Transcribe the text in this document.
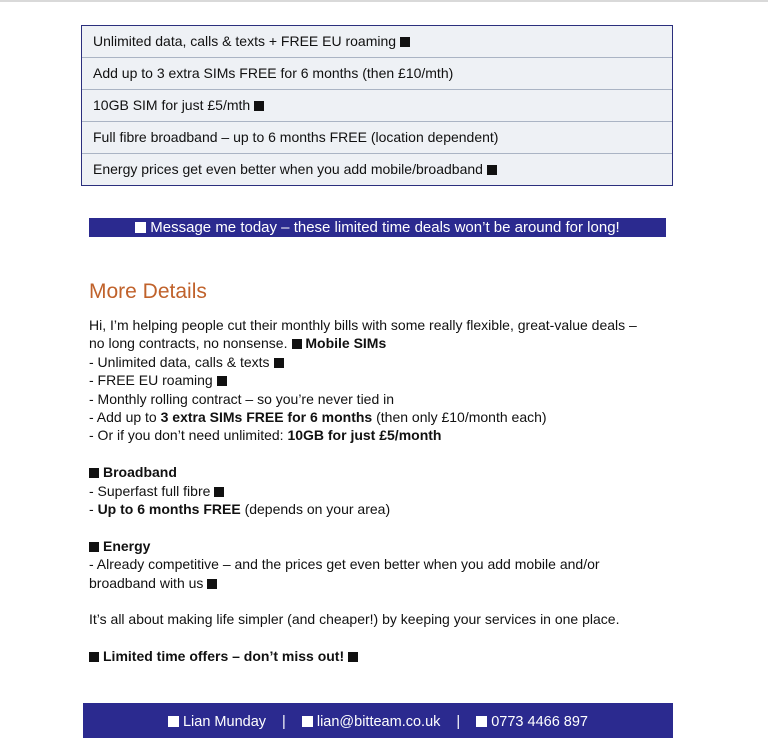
Unlimited data, calls & texts + FREE EU roaming
Add up to 3 extra SIMs FREE for 6 months (then £10/mth)
10GB SIM for just £5/mth
Full fibre broadband – up to 6 months FREE (location dependent)
Energy prices get even better when you add mobile/broadband
Message me today – these limited time deals won’t be around for long!
More Details
Hi, I’m helping people cut their monthly bills with some really flexible, great-value deals –
no long contracts, no nonsense. Mobile SIMs
- Unlimited data, calls & texts
- FREE EU roaming
- Monthly rolling contract – so you’re never tied in
- Add up to 3 extra SIMs FREE for 6 months (then only £10/month each)
- Or if you don’t need unlimited: 10GB for just £5/month
Broadband
- Superfast full fibre
- Up to 6 months FREE (depends on your area)
Energy
- Already competitive – and the prices get even better when you add mobile and/or
broadband with us
It’s all about making life simpler (and cheaper!) by keeping your services in one place.
Limited time offers – don’t miss out!
Lian Munday | lian@bitteam.co.uk | 0773 4466 897
